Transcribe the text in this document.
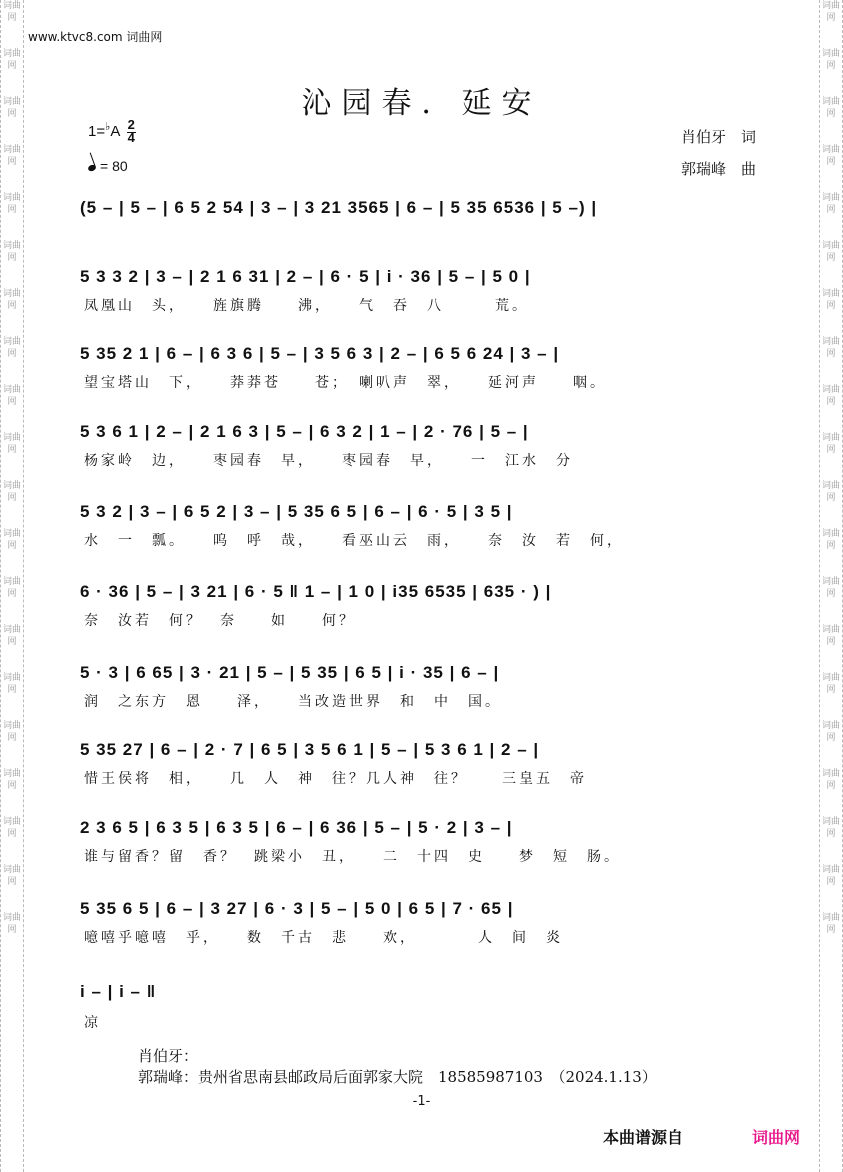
词曲网
词曲网
词曲网
词曲网
词曲网
词曲网
词曲网
词曲网
词曲网
词曲网
词曲网
词曲网
词曲网
词曲网
词曲网
词曲网
词曲网
词曲网
词曲网
词曲网
词曲网
词曲网
词曲网
词曲网
词曲网
词曲网
词曲网
词曲网
词曲网
词曲网
词曲网
词曲网
词曲网
词曲网
词曲网
词曲网
词曲网
词曲网
词曲网
词曲网
www.ktvc8.com 词曲网
沁园春．延安
$1=^♭A \frac{2}{4}$
= 80
肖伯牙　词
郭瑞峰　曲
(5 – | 5 – | 6 5 2 54 | 3 – | 3 21 3565 | 6 – | 5 35 6536 | 5 –) |
5 3 3 2 | 3 – | 2 1 6 31 | 2 – | 6 · 5 | i · 36 | 5 – | 5 0 |
凤凰山　头，　　旌旗腾　　沸，　　气　吞　八　　　荒。
5 35 2 1 | 6 – | 6 3 6 | 5 – | 3 5 6 3 | 2 – | 6 5 6 24 | 3 – |
望宝塔山　下，　　莽莽苍　　苍；　喇叭声　翠，　　延河声　　咽。
5 3 6 1 | 2 – | 2 1 6 3 | 5 – | 6 3 2 | 1 – | 2 · 76 | 5 – |
杨家岭　边，　　枣园春　早，　　枣园春　早，　　一　江水　分
5 3 2 | 3 – | 6 5 2 | 3 – | 5 35 6 5 | 6 – | 6 · 5 | 3 5 |
水　一　瓢。　　呜　呼　哉，　　看巫山云　雨，　　奈　汝　若　何，
6 · 36 | 5 – | 3 21 | 6 · 5 ‖ 1 – | 1 0 | i35 6535 | 635 · ) |
奈　汝若　何？　奈　　如　　何？
5 · 3 | 6 65 | 3 · 21 | 5 – | 5 35 | 6 5 | i · 35 | 6 – |
润　之东方　恩　　泽，　　当改造世界　和　中　国。
5 35 27 | 6 – | 2 · 7 | 6 5 | 3 5 6 1 | 5 – | 5 3 6 1 | 2 – |
惜王侯将　相，　　几　人　神　往？几人神　往？　　三皇五　帝
2 3 6 5 | 6 3 5 | 6 3 5 | 6 – | 6 36 | 5 – | 5 · 2 | 3 – |
谁与留香？留　香？　跳梁小　丑，　　二　十四　史　　梦　短　肠。
5 35 6 5 | 6 – | 3 27 | 6 · 3 | 5 – | 5 0 | 6 5 | 7 · 65 |
噫嘻乎噫嘻　乎，　　数　千古　悲　　欢，　　　　人　间　炎
i – | i – ‖
凉
肖伯牙：
郭瑞峰：贵州省思南县邮政局后面郭家大院　18585987103　（2024.1.13）
-1-
本曲谱源自	词曲网
